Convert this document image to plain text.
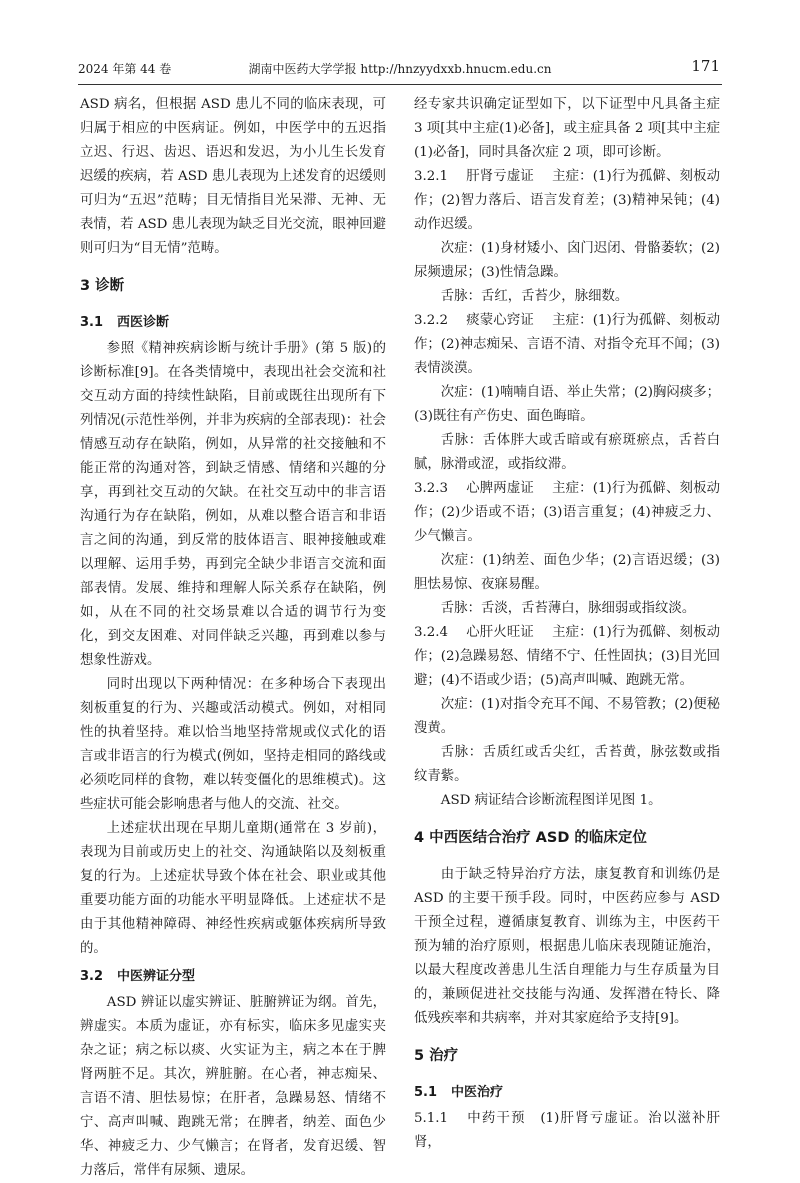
2024 年第 44 卷	湖南中医药大学学报 http://hnzyydxxb.hnucm.edu.cn	171

ASD 病名，但根据 ASD 患儿不同的临床表现，可归属于相应的中医病证。例如，中医学中的五迟指立迟、行迟、齿迟、语迟和发迟，为小儿生长发育迟缓的疾病，若 ASD 患儿表现为上述发育的迟缓则可归为“五迟”范畴；目无情指目光呆滞、无神、无表情，若 ASD 患儿表现为缺乏目光交流，眼神回避则可归为“目无情”范畴。

3 诊断
3.1 西医诊断

参照《精神疾病诊断与统计手册》(第 5 版)的诊断标准[9]。在各类情境中，表现出社会交流和社交互动方面的持续性缺陷，目前或既往出现所有下列情况(示范性举例，并非为疾病的全部表现)：社会情感互动存在缺陷，例如，从异常的社交接触和不能正常的沟通对答，到缺乏情感、情绪和兴趣的分享，再到社交互动的欠缺。在社交互动中的非言语沟通行为存在缺陷，例如，从难以整合语言和非语言之间的沟通，到反常的肢体语言、眼神接触或难以理解、运用手势，再到完全缺少非语言交流和面部表情。发展、维持和理解人际关系存在缺陷，例如，从在不同的社交场景难以合适的调节行为变化，到交友困难、对同伴缺乏兴趣，再到难以参与想象性游戏。

同时出现以下两种情况：在多种场合下表现出刻板重复的行为、兴趣或活动模式。例如，对相同性的执着坚持。难以恰当地坚持常规或仪式化的语言或非语言的行为模式(例如，坚持走相同的路线或必须吃同样的食物，难以转变僵化的思维模式)。这些症状可能会影响患者与他人的交流、社交。

上述症状出现在早期儿童期(通常在 3 岁前)，表现为目前或历史上的社交、沟通缺陷以及刻板重复的行为。上述症状导致个体在社会、职业或其他重要功能方面的功能水平明显降低。上述症状不是由于其他精神障碍、神经性疾病或躯体疾病所导致的。

3.2 中医辨证分型

ASD 辨证以虚实辨证、脏腑辨证为纲。首先，辨虚实。本质为虚证，亦有标实，临床多见虚实夹杂之证；病之标以痰、火实证为主，病之本在于脾肾两脏不足。其次，辨脏腑。在心者，神志痴呆、言语不清、胆怯易惊；在肝者，急躁易怒、情绪不宁、高声叫喊、跑跳无常；在脾者，纳差、面色少华、神疲乏力、少气懒言；在肾者，发育迟缓、智力落后，常伴有尿频、遗尿。

经专家共识确定证型如下，以下证型中凡具备主症 3 项[其中主症(1)必备]，或主症具备 2 项[其中主症(1)必备]，同时具备次症 2 项，即可诊断。

3.2.1 肝肾亏虚证 主症：(1)行为孤僻、刻板动作；(2)智力落后、语言发育差；(3)精神呆钝；(4)动作迟缓。

次症：(1)身材矮小、囟门迟闭、骨骼萎软；(2)尿频遗尿；(3)性情急躁。

舌脉：舌红，舌苔少，脉细数。

3.2.2 痰蒙心窍证 主症：(1)行为孤僻、刻板动作；(2)神志痴呆、言语不清、对指令充耳不闻；(3)表情淡漠。

次症：(1)喃喃自语、举止失常；(2)胸闷痰多；(3)既往有产伤史、面色晦暗。

舌脉：舌体胖大或舌暗或有瘀斑瘀点，舌苔白腻，脉滑或涩，或指纹滞。

3.2.3 心脾两虚证 主症：(1)行为孤僻、刻板动作；(2)少语或不语；(3)语言重复；(4)神疲乏力、少气懒言。

次症：(1)纳差、面色少华；(2)言语迟缓；(3)胆怯易惊、夜寐易醒。

舌脉：舌淡，舌苔薄白，脉细弱或指纹淡。

3.2.4 心肝火旺证 主症：(1)行为孤僻、刻板动作；(2)急躁易怒、情绪不宁、任性固执；(3)目光回避；(4)不语或少语；(5)高声叫喊、跑跳无常。

次症：(1)对指令充耳不闻、不易管教；(2)便秘溲黄。

舌脉：舌质红或舌尖红，舌苔黄，脉弦数或指纹青紫。

ASD 病证结合诊断流程图详见图 1。

4 中西医结合治疗 ASD 的临床定位

由于缺乏特异治疗方法，康复教育和训练仍是 ASD 的主要干预手段。同时，中医药应参与 ASD 干预全过程，遵循康复教育、训练为主，中医药干预为辅的治疗原则，根据患儿临床表现随证施治，以最大程度改善患儿生活自理能力与生存质量为目的，兼顾促进社交技能与沟通、发挥潜在特长、降低残疾率和共病率，并对其家庭给予支持[9]。

5 治疗
5.1 中医治疗

5.1.1 中药干预　(1)肝肾亏虚证。治以滋补肝肾，
